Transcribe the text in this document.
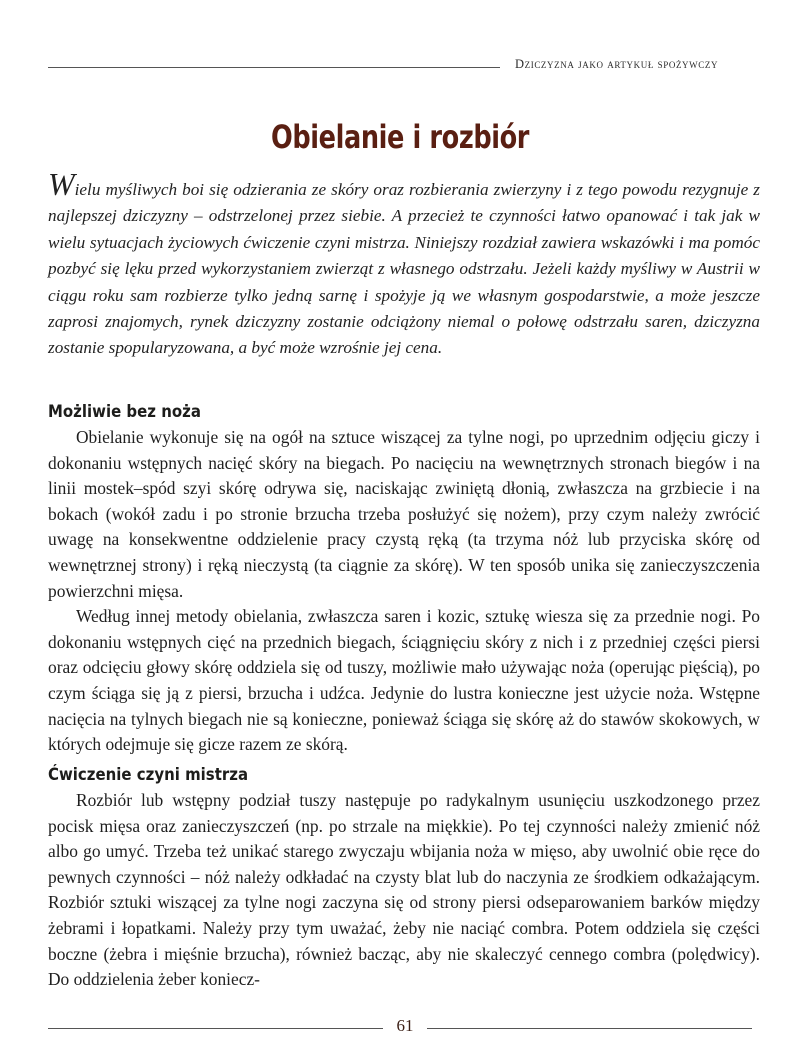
Dziczyzna jako artykuł spożywczy
Obielanie i rozbiór

Wielu myśliwych boi się odzierania ze skóry oraz rozbierania zwierzyny i z tego powodu rezygnuje z najlepszej dziczyzny – odstrzelonej przez siebie. A przecież te czynności łatwo opanować i tak jak w wielu sytuacjach życiowych ćwiczenie czyni mistrza. Niniejszy rozdział zawiera wskazówki i ma pomóc pozbyć się lęku przed wykorzystaniem zwierząt z własnego odstrzału. Jeżeli każdy myśliwy w Austrii w ciągu roku sam rozbierze tylko jedną sarnę i spożyje ją we własnym gospodarstwie, a może jeszcze zaprosi znajomych, rynek dziczyzny zostanie odciążony niemal o połowę odstrzału saren, dziczyzna zostanie spopularyzowana, a być może wzrośnie jej cena.

Możliwie bez noża

Obielanie wykonuje się na ogół na sztuce wiszącej za tylne nogi, po uprzednim odjęciu giczy i dokonaniu wstępnych nacięć skóry na biegach. Po nacięciu na wewnętrznych stronach biegów i na linii mostek–spód szyi skórę odrywa się, naciskając zwiniętą dłonią, zwłaszcza na grzbiecie i na bokach (wokół zadu i po stronie brzucha trzeba posłużyć się nożem), przy czym należy zwrócić uwagę na konsekwentne oddzielenie pracy czystą ręką (ta trzyma nóż lub przyciska skórę od wewnętrznej strony) i ręką nieczystą (ta ciągnie za skórę). W ten sposób unika się zanieczyszczenia powierzchni mięsa.

Według innej metody obielania, zwłaszcza saren i kozic, sztukę wiesza się za przednie nogi. Po dokonaniu wstępnych cięć na przednich biegach, ściągnięciu skóry z nich i z przedniej części piersi oraz odcięciu głowy skórę oddziela się od tuszy, możliwie mało używając noża (operując pięścią), po czym ściąga się ją z piersi, brzucha i udźca. Jedynie do lustra konieczne jest użycie noża. Wstępne nacięcia na tylnych biegach nie są konieczne, ponieważ ściąga się skórę aż do stawów skokowych, w których odejmuje się gicze razem ze skórą.

Ćwiczenie czyni mistrza

Rozbiór lub wstępny podział tuszy następuje po radykalnym usunięciu uszkodzonego przez pocisk mięsa oraz zanieczyszczeń (np. po strzale na miękkie). Po tej czynności należy zmienić nóż albo go umyć. Trzeba też unikać starego zwyczaju wbijania noża w mięso, aby uwolnić obie ręce do pewnych czynności – nóż należy odkładać na czysty blat lub do naczynia ze środkiem odkażającym. Rozbiór sztuki wiszącej za tylne nogi zaczyna się od strony piersi odseparowaniem barków między żebrami i łopatkami. Należy przy tym uważać, żeby nie naciąć combra. Potem oddziela się części boczne (żebra i mięśnie brzucha), również bacząc, aby nie skaleczyć cennego combra (polędwicy). Do oddzielenia żeber koniecz-

61
